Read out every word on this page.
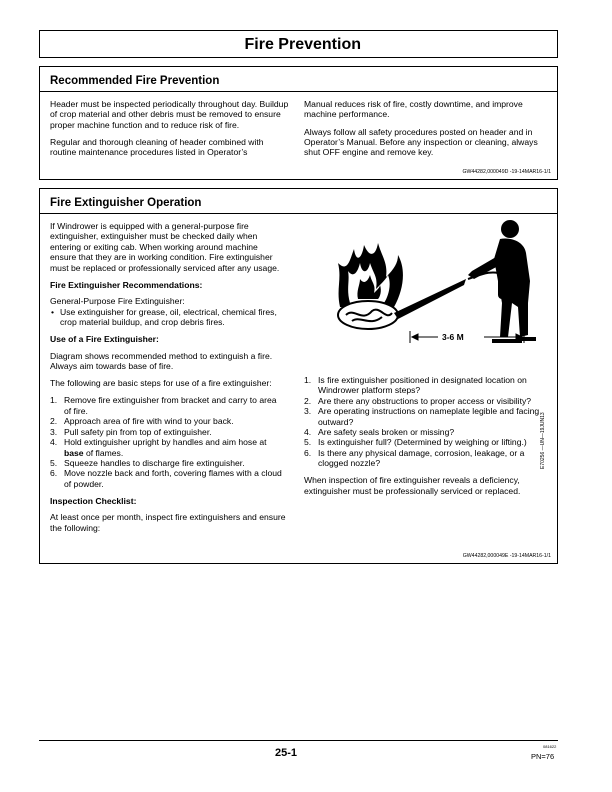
Fire Prevention
Recommended Fire Prevention

Header must be inspected periodically throughout day. Buildup of crop material and other debris must be removed to ensure proper machine function and to reduce risk of fire.

Regular and thorough cleaning of header combined with routine maintenance procedures listed in Operator’s

Manual reduces risk of fire, costly downtime, and improve machine performance.

Always follow all safety procedures posted on header and in Operator’s Manual. Before any inspection or cleaning, always shut OFF engine and remove key.

GW44282,000049D -19-14MAR16-1/1
Fire Extinguisher Operation

If Windrower is equipped with a general-purpose fire extinguisher, extinguisher must be checked daily when entering or exiting cab. When working around machine ensure that they are in working condition. Fire extinguisher must be replaced or professionally serviced after any usage.

Fire Extinguisher Recommendations:

General-Purpose Fire Extinguisher:

• Use extinguisher for grease, oil, electrical, chemical fires, crop material buildup, and crop debris fires.

Use of a Fire Extinguisher:

Diagram shows recommended method to extinguish a fire. Always aim towards base of fire.

The following are basic steps for use of a fire extinguisher:

1. Remove fire extinguisher from bracket and carry to area of fire.
2. Approach area of fire with wind to your back.
3. Pull safety pin from top of extinguisher.
4. Hold extinguisher upright by handles and aim hose at base of flames.
5. Squeeze handles to discharge fire extinguisher.
6. Move nozzle back and forth, covering flames with a cloud of powder.

Inspection Checklist:

At least once per month, inspect fire extinguishers and ensure the following:

3-6 M
E70256 —UN—19JUN13
1. Is fire extinguisher positioned in designated location on Windrower platform steps?
2. Are there any obstructions to proper access or visibility?
3. Are operating instructions on nameplate legible and facing outward?
4. Are safety seals broken or missing?
5. Is extinguisher full? (Determined by weighing or lifting.)
6. Is there any physical damage, corrosion, leakage, or a clogged nozzle?

When inspection of fire extinguisher reveals a deficiency, extinguisher must be professionally serviced or replaced.

GW44282,000049E -19-14MAR16-1/1
25-1
081622
PN=76
